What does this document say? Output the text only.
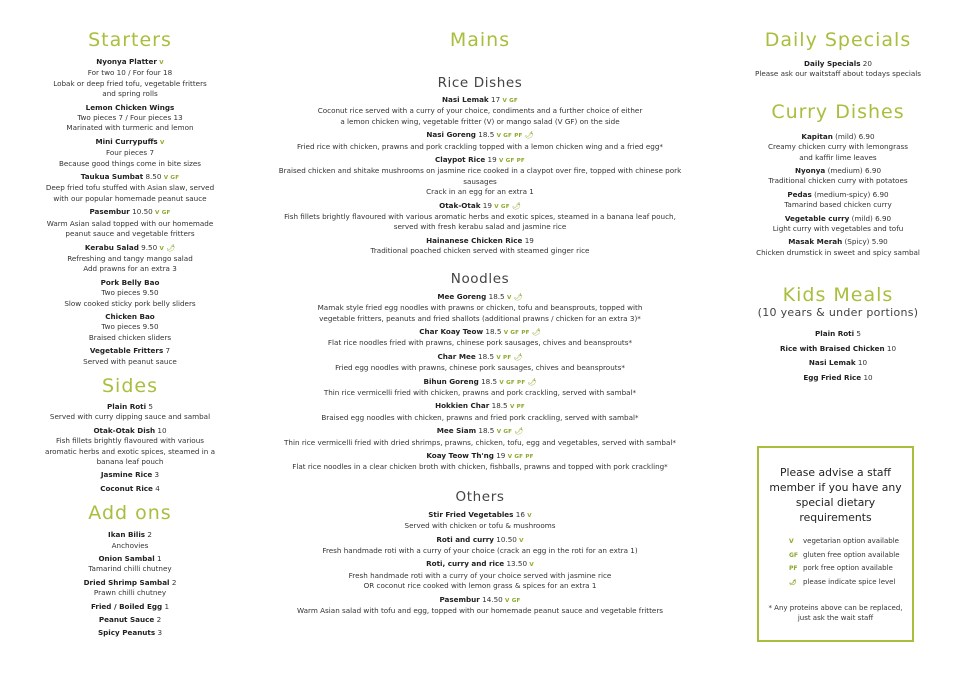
Starters
Nyonya Platter V
For two 10 / For four 18
Lobak or deep fried tofu, vegetable fritters
and spring rolls
Lemon Chicken Wings
Two pieces 7 / Four pieces 13
Marinated with turmeric and lemon
Mini Currypuffs V
Four pieces 7
Because good things come in bite sizes
Taukua Sumbat 8.50 V GF
Deep fried tofu stuffed with Asian slaw, served
with our popular homemade peanut sauce
Pasembur 10.50 V GF
Warm Asian salad topped with our homemade
peanut sauce and vegetable fritters
Kerabu Salad 9.50 V 🌶
Refreshing and tangy mango salad
Add prawns for an extra 3
Pork Belly Bao
Two pieces 9.50
Slow cooked sticky pork belly sliders
Chicken Bao
Two pieces 9.50
Braised chicken sliders
Vegetable Fritters 7
Served with peanut sauce
Sides
Plain Roti 5
Served with curry dipping sauce and sambal
Otak-Otak Dish 10
Fish fillets brightly flavoured with various
aromatic herbs and exotic spices, steamed in a
banana leaf pouch
Jasmine Rice 3
Coconut Rice 4
Add ons
Ikan Bilis 2
Anchovies
Onion Sambal 1
Tamarind chilli chutney
Dried Shrimp Sambal 2
Prawn chilli chutney
Fried / Boiled Egg 1
Peanut Sauce 2
Spicy Peanuts 3
Mains
Rice Dishes
Nasi Lemak 17 V GF
Coconut rice served with a curry of your choice, condiments and a further choice of either
a lemon chicken wing, vegetable fritter (V) or mango salad (V GF) on the side
Nasi Goreng 18.5 V GF PF 🌶
Fried rice with chicken, prawns and pork crackling topped with a lemon chicken wing and a fried egg*
Claypot Rice 19 V GF PF
Braised chicken and shitake mushrooms on jasmine rice cooked in a claypot over fire, topped with chinese pork sausages
Crack in an egg for an extra 1
Otak-Otak 19 V GF 🌶
Fish fillets brightly flavoured with various aromatic herbs and exotic spices, steamed in a banana leaf pouch,
served with fresh kerabu salad and jasmine rice
Hainanese Chicken Rice 19
Traditional poached chicken served with steamed ginger rice
Noodles
Mee Goreng 18.5 V 🌶
Mamak style fried egg noodles with prawns or chicken, tofu and beansprouts, topped with
vegetable fritters, peanuts and fried shallots (additional prawns / chicken for an extra 3)*
Char Koay Teow 18.5 V GF PF 🌶
Flat rice noodles fried with prawns, chinese pork sausages, chives and beansprouts*
Char Mee 18.5 V PF 🌶
Fried egg noodles with prawns, chinese pork sausages, chives and beansprouts*
Bihun Goreng 18.5 V GF PF 🌶
Thin rice vermicelli fried with chicken, prawns and pork crackling, served with sambal*
Hokkien Char 18.5 V PF
Braised egg noodles with chicken, prawns and fried pork crackling, served with sambal*
Mee Siam 18.5 V GF 🌶
Thin rice vermicelli fried with dried shrimps, prawns, chicken, tofu, egg and vegetables, served with sambal*
Koay Teow Th'ng 19 V GF PF
Flat rice noodles in a clear chicken broth with chicken, fishballs, prawns and topped with pork crackling*
Others
Stir Fried Vegetables 16 V
Served with chicken or tofu & mushrooms
Roti and curry 10.50 V
Fresh handmade roti with a curry of your choice (crack an egg in the roti for an extra 1)
Roti, curry and rice 13.50 V
Fresh handmade roti with a curry of your choice served with jasmine rice
OR coconut rice cooked with lemon grass & spices for an extra 1
Pasembur 14.50 V GF
Warm Asian salad with tofu and egg, topped with our homemade peanut sauce and vegetable fritters
Daily Specials
Daily Specials 20
Please ask our waitstaff about todays specials
Curry Dishes
Kapitan (mild) 6.90
Creamy chicken curry with lemongrass
and kaffir lime leaves
Nyonya (medium) 6.90
Traditional chicken curry with potatoes
Pedas (medium-spicy) 6.90
Tamarind based chicken curry
Vegetable curry (mild) 6.90
Light curry with vegetables and tofu
Masak Merah (Spicy) 5.90
Chicken drumstick in sweet and spicy sambal
Kids Meals
(10 years & under portions)
Plain Roti 5
Rice with Braised Chicken 10
Nasi Lemak 10
Egg Fried Rice 10
Please advise a staff member if you have any special dietary requirements
V vegetarian option available
GF gluten free option available
PF pork free option available
🌶 please indicate spice level
* Any proteins above can be replaced, just ask the wait staff
